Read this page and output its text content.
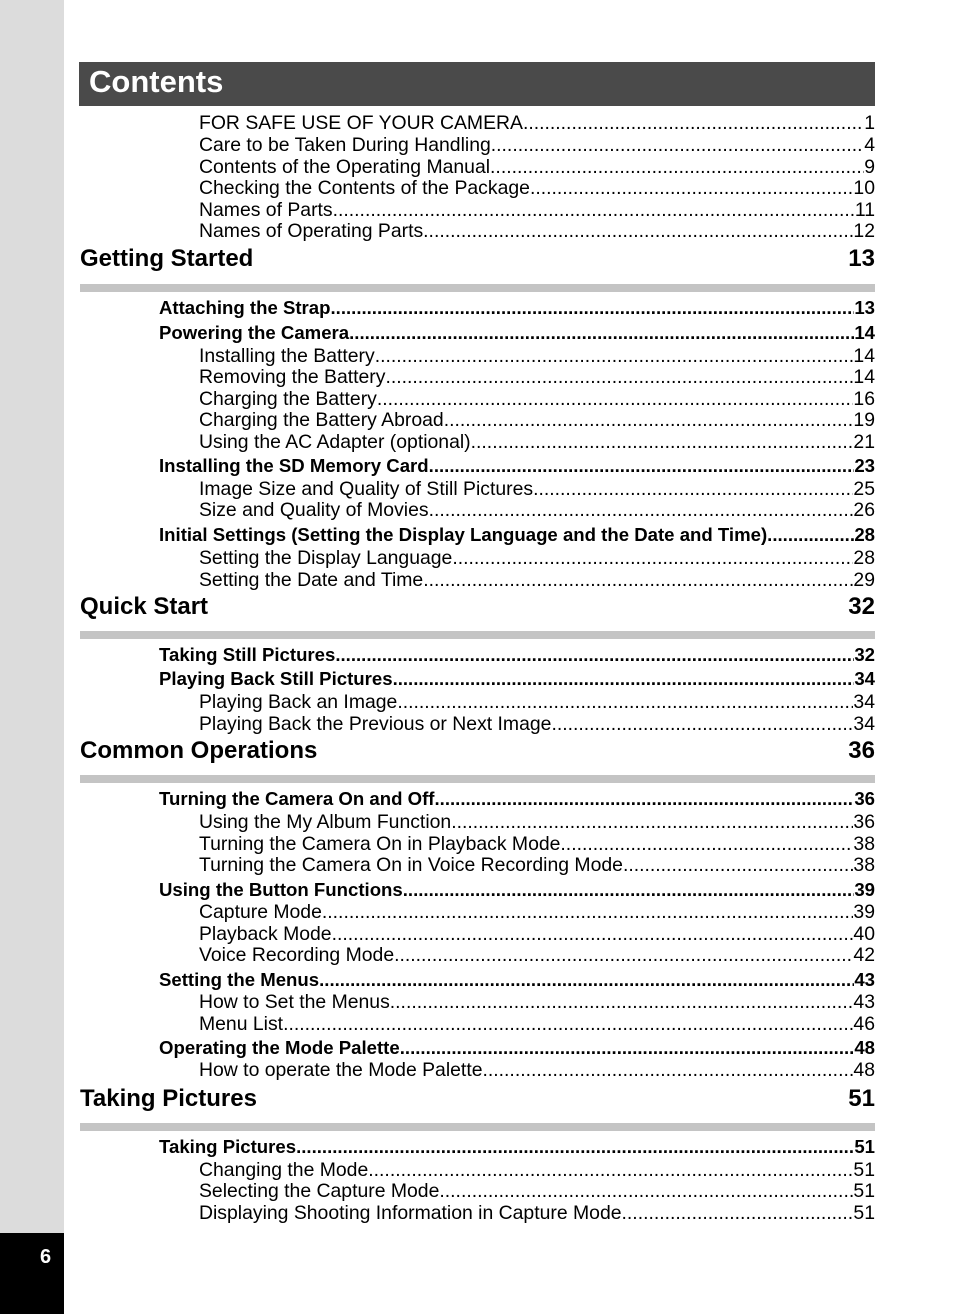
6
Contents
FOR SAFE USE OF YOUR CAMERA .....	1
Care to be Taken During Handling .....	4
Contents of the Operating Manual .....	9
Checking the Contents of the Package .....	10
Names of Parts .....	11
Names of Operating Parts .....	12
Getting Started	13
Attaching the Strap .....	13
Powering the Camera .....	14
Installing the Battery .....	14
Removing the Battery .....	14
Charging the Battery .....	16
Charging the Battery Abroad .....	19
Using the AC Adapter (optional) .....	21
Installing the SD Memory Card .....	23
Image Size and Quality of Still Pictures .....	25
Size and Quality of Movies .....	26
Initial Settings (Setting the Display Language and the Date and Time) .....	28
Setting the Display Language .....	28
Setting the Date and Time .....	29
Quick Start	32
Taking Still Pictures .....	32
Playing Back Still Pictures .....	34
Playing Back an Image .....	34
Playing Back the Previous or Next Image .....	34
Common Operations	36
Turning the Camera On and Off .....	36
Using the My Album Function .....	36
Turning the Camera On in Playback Mode .....	38
Turning the Camera On in Voice Recording Mode .....	38
Using the Button Functions .....	39
Capture Mode .....	39
Playback Mode .....	40
Voice Recording Mode .....	42
Setting the Menus .....	43
How to Set the Menus .....	43
Menu List .....	46
Operating the Mode Palette .....	48
How to operate the Mode Palette .....	48
Taking Pictures	51
Taking Pictures .....	51
Changing the Mode .....	51
Selecting the Capture Mode .....	51
Displaying Shooting Information in Capture Mode .....	51
